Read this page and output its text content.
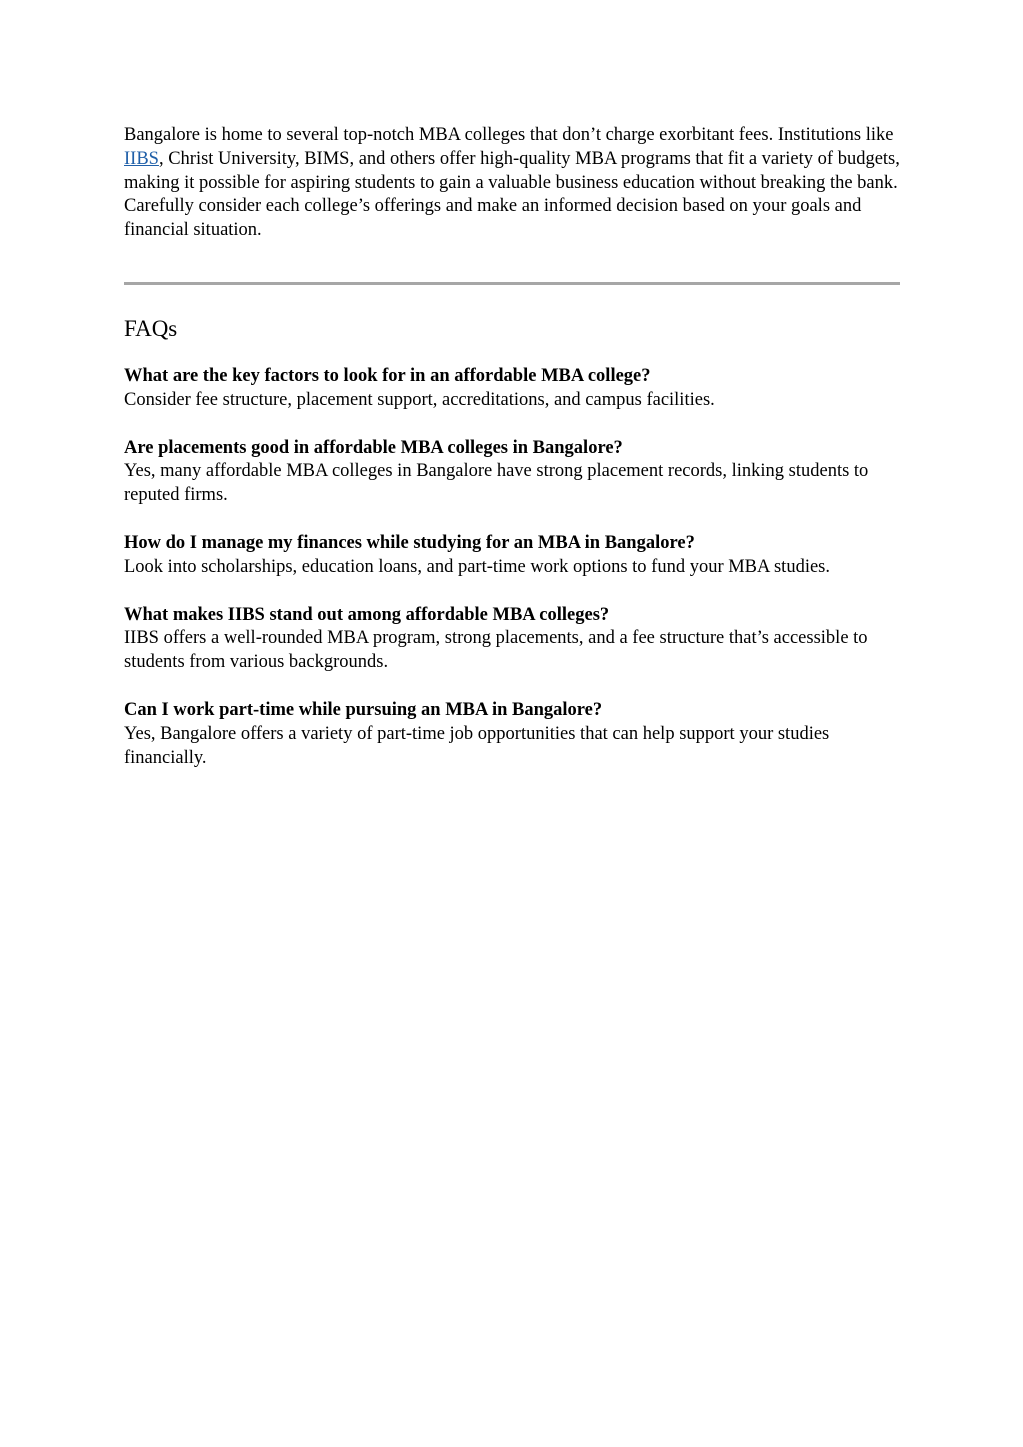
Bangalore is home to several top-notch MBA colleges that don’t charge exorbitant fees. Institutions like IIBS, Christ University, BIMS, and others offer high-quality MBA programs that fit a variety of budgets, making it possible for aspiring students to gain a valuable business education without breaking the bank. Carefully consider each college’s offerings and make an informed decision based on your goals and financial situation.

FAQs
What are the key factors to look for in an affordable MBA college?
Consider fee structure, placement support, accreditations, and campus facilities.
Are placements good in affordable MBA colleges in Bangalore?
Yes, many affordable MBA colleges in Bangalore have strong placement records, linking students to reputed firms.
How do I manage my finances while studying for an MBA in Bangalore?
Look into scholarships, education loans, and part-time work options to fund your MBA studies.
What makes IIBS stand out among affordable MBA colleges?
IIBS offers a well-rounded MBA program, strong placements, and a fee structure that’s accessible to students from various backgrounds.
Can I work part-time while pursuing an MBA in Bangalore?
Yes, Bangalore offers a variety of part-time job opportunities that can help support your studies financially.
